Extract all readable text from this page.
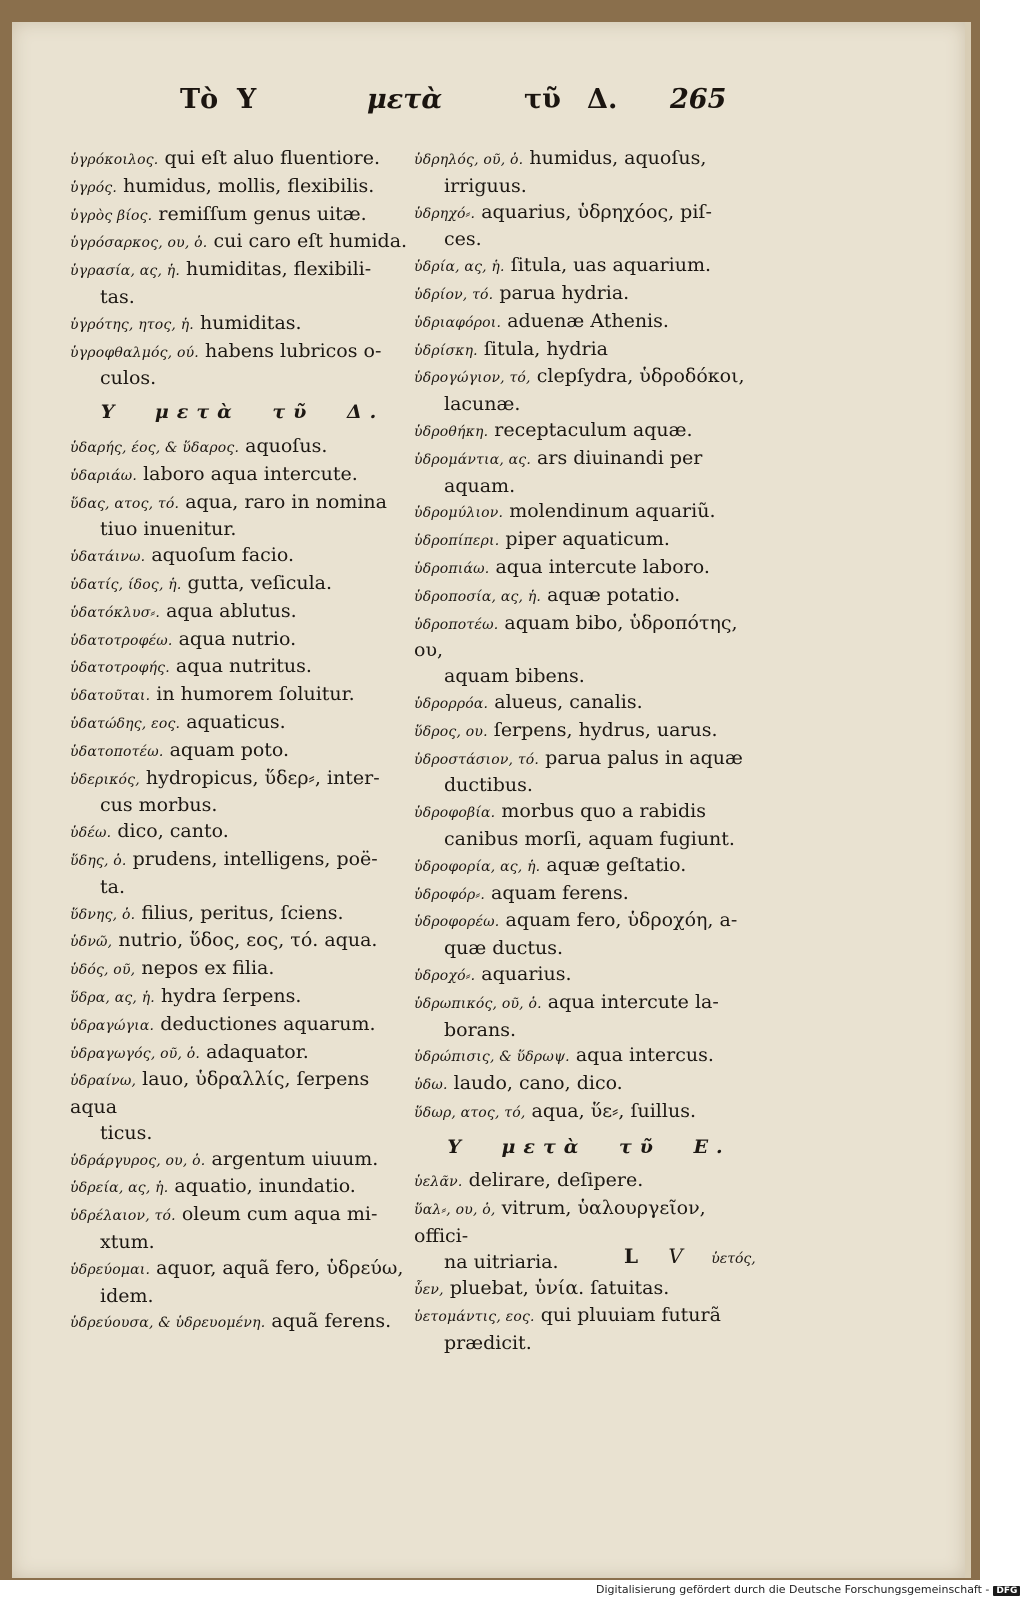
Τὸ Υ	μετὰ	τῦ Δ. 265
ὑγρόκοιλος. qui eſt aluo fluentiore.
ὑγρός. humidus, mollis, flexibilis.
ὑγρὸς βίος. remiſſum genus uitæ.
ὑγρόσαρκος, ου, ὁ. cui caro eſt humida.
ὑγρασία, ας, ἡ. humiditas, flexibili-
tas.
ὑγρότης, ητος, ἡ. humiditas.
ὑγροφθαλμός, ού. habens lubricos o-
culos.
Υ μετὰ τῦ Δ.
ὑδαρής, έος, & ὕδαρος. aquoſus.
ὑδαριάω. laboro aqua intercute.
ὕδας, ατος, τό. aqua, raro in nomina
tiuo inuenitur.
ὑδατάινω. aquoſum facio.
ὑδατίς, ίδος, ἡ. gutta, veſicula.
ὑδατόκλυσ⸗. aqua ablutus.
ὑδατοτροφέω. aqua nutrio.
ὑδατοτροφής. aqua nutritus.
ὑδατοῦται. in humorem ſoluitur.
ὑδατώδης, εος. aquaticus.
ὑδατοποτέω. aquam poto.
ὑδερικός, hydropicus, ὕδερ⸗, inter-
cus morbus.
ὑδέω. dico, canto.
ὕδης, ὁ. prudens, intelligens, poë-
ta.
ὕδνης, ὁ. filius, peritus, ſciens.
ὑδνῶ, nutrio, ὕδος, εος, τό. aqua.
ὑδός, οῦ, nepos ex filia.
ὕδρα, ας, ἡ. hydra ſerpens.
ὑδραγώγια. deductiones aquarum.
ὑδραγωγός, οῦ, ὁ. adaquator.
ὑδραίνω, lauo, ὑδραλλίς, ſerpens aqua
ticus.
ὑδράργυρος, ου, ὁ. argentum uiuum.
ὑδρεία, ας, ἡ. aquatio, inundatio.
ὑδρέλαιον, τό. oleum cum aqua mi-
xtum.
ὑδρεύομαι. aquor, aquã fero, ὑδρεύω,
idem.
ὑδρεύουσα, & ὑδρευομένη. aquã ferens.
ὑδρηλός, οῦ, ὁ. humidus, aquoſus,
irriguus.
ὑδρηχό⸗. aquarius, ὑδρηχόος, piſ-
ces.
ὑδρία, ας, ἡ. ſitula, uas aquarium.
ὑδρίον, τό. parua hydria.
ὑδριαφόροι. aduenæ Athenis.
ὑδρίσκη. ſitula, hydria
ὑδρογώγιον, τό, clepſydra, ὑδροδόκοι,
lacunæ.
ὑδροθήκη. receptaculum aquæ.
ὑδρομάντια, ας. ars diuinandi per
aquam.
ὑδρομύλιον. molendinum aquariũ.
ὑδροπίπερι. piper aquaticum.
ὑδροπιάω. aqua intercute laboro.
ὑδροποσία, ας, ἡ. aquæ potatio.
ὑδροποτέω. aquam bibo, ὑδροπότης, ου,
aquam bibens.
ὑδρορρόα. alueus, canalis.
ὕδρος, ου. ſerpens, hydrus, uarus.
ὑδροστάσιον, τό. parua palus in aquæ
ductibus.
ὑδροφοβία. morbus quo a rabidis
canibus morſi, aquam fugiunt.
ὑδροφορία, ας, ἡ. aquæ geſtatio.
ὑδροφόρ⸗. aquam ferens.
ὑδροφορέω. aquam fero, ὑδροχόη, a-
quæ ductus.
ὑδροχό⸗. aquarius.
ὑδρωπικός, οῦ, ὁ. aqua intercute la-
borans.
ὑδρώπισις, & ὕδρωψ. aqua intercus.
ὑδω. laudo, cano, dico.
ὕδωρ, ατος, τό, aqua, ὕε⸗, ſuillus.
Υ μετὰ τῦ Ε.
ὑελᾶν. delirare, deſipere.
ὕαλ⸗, ου, ὁ, vitrum, ὑαλουργεῖον, offici-
na uitriaria.
ὗεν, pluebat, ὑνία. ſatuitas.
ὑετομάντις, εος. qui pluuiam futurã
prædicit.
L V ὑετός,
Digitalisierung gefördert durch die Deutsche Forschungsgemeinschaft - DFG
